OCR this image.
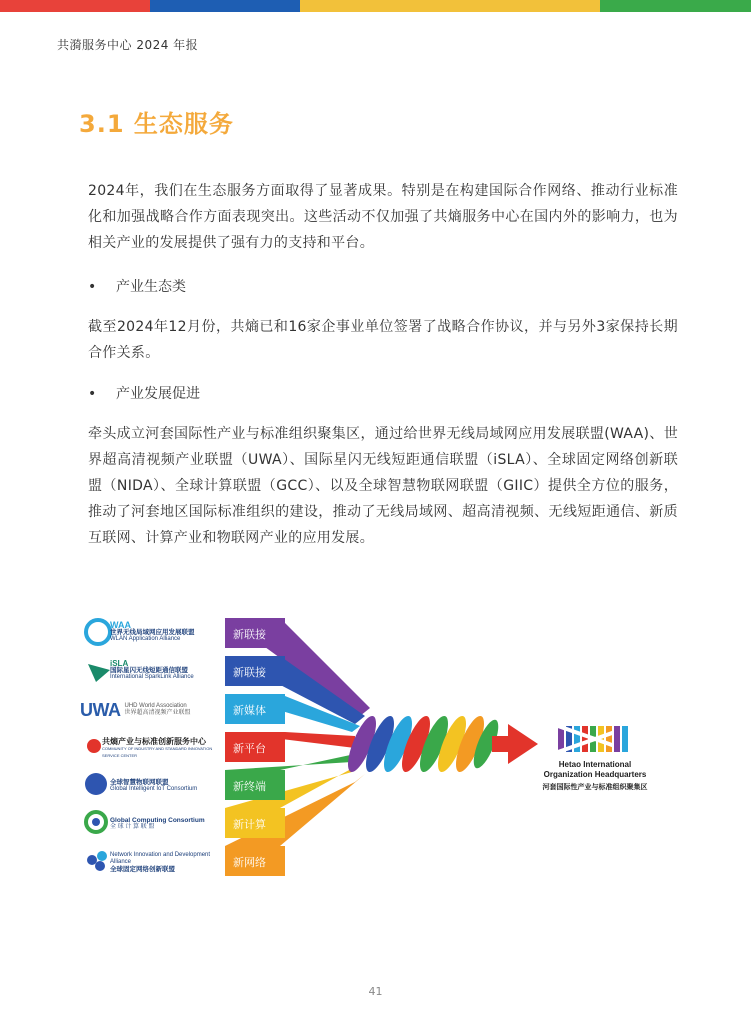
共漪服务中心 2024 年报
3.1 生态服务
2024年，我们在生态服务方面取得了显著成果。特别是在构建国际合作网络、推动行业标准化和加强战略合作方面表现突出。这些活动不仅加强了共熵服务中心在国内外的影响力，也为相关产业的发展提供了强有力的支持和平台。
• 产业生态类
截至2024年12月份，共熵已和16家企事业单位签署了战略合作协议，并与另外3家保持长期合作关系。
• 产业发展促进
牵头成立河套国际性产业与标准组织聚集区，通过给世界无线局域网应用发展联盟(WAA)、世界超高清视频产业联盟（UWA）、国际星闪无线短距通信联盟（iSLA）、全球固定网络创新联盟（NIDA）、全球计算联盟（GCC）、以及全球智慧物联网联盟（GIIC）提供全方位的服务，推动了河套地区国际标准组织的建设，推动了无线局域网、超高清视频、无线短距通信、新质互联网、计算产业和物联网产业的应用发展。
新联接
新联接
新媒体
新平台
新终端
新计算
新网络
WAA
世界无线局域网应用发展联盟
WLAN Application Alliance
iSLA
国际星闪无线短距通信联盟
International SparkLink Alliance
UWA UHD World Association
世界超高清视频产业联盟
共熵产业与标准创新服务中心
COMMUNITY OF INDUSTRY AND STANDARD INNOVATION SERVICE CENTER
全球智慧物联网联盟
Global Intelligent IoT Consortium
Global Computing Consortium
全 球 计 算 联 盟
Network Innovation and Development Alliance
全球固定网络创新联盟
Hetao International
Organization Headquarters
河套国际性产业与标准组织聚集区
41
